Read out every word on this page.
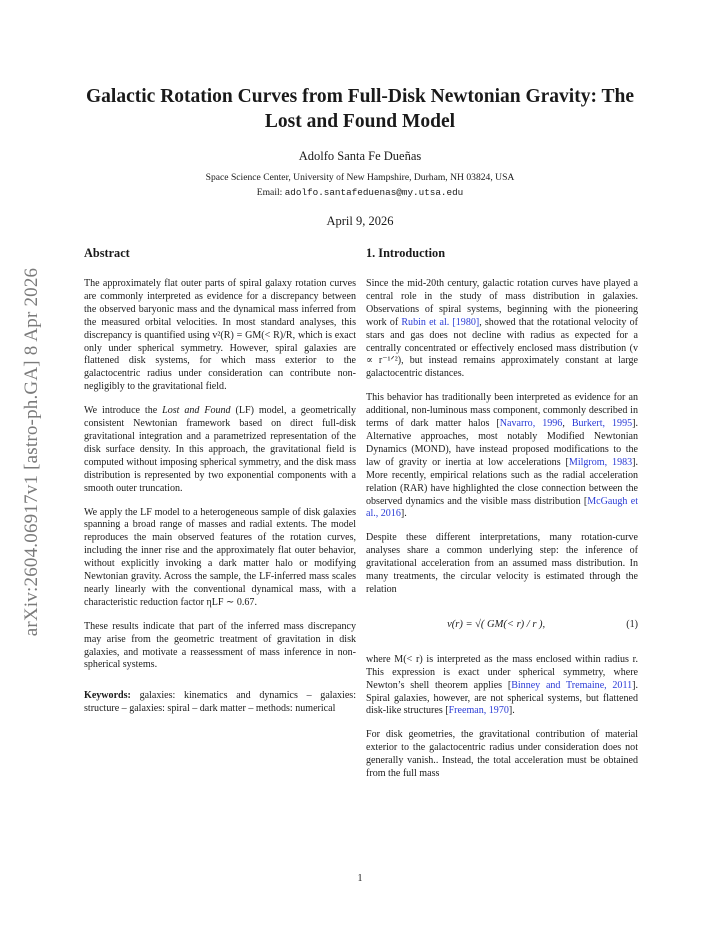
arXiv:2604.06917v1 [astro-ph.GA] 8 Apr 2026
Galactic Rotation Curves from Full-Disk Newtonian Gravity: The Lost and Found Model
Adolfo Santa Fe Dueñas
Space Science Center, University of New Hampshire, Durham, NH 03824, USA
Email: adolfo.santafeduenas@my.utsa.edu
April 9, 2026
Abstract

The approximately flat outer parts of spiral galaxy rotation curves are commonly interpreted as evidence for a discrepancy between the observed baryonic mass and the dynamical mass inferred from the measured orbital velocities. In most standard analyses, this discrepancy is quantified using v²(R) = GM(< R)/R, which is exact only under spherical symmetry. However, spiral galaxies are flattened disk systems, for which mass exterior to the galactocentric radius under consideration can contribute non-negligibly to the gravitational field.

We introduce the Lost and Found (LF) model, a geometrically consistent Newtonian framework based on direct full-disk gravitational integration and a parametrized representation of the disk surface density. In this approach, the gravitational field is computed without imposing spherical symmetry, and the disk mass distribution is represented by two exponential components with a smooth outer truncation.

We apply the LF model to a heterogeneous sample of disk galaxies spanning a broad range of masses and radial extents. The model reproduces the main observed features of the rotation curves, including the inner rise and the approximately flat outer behavior, without explicitly invoking a dark matter halo or modifying Newtonian gravity. Across the sample, the LF-inferred mass scales nearly linearly with the conventional dynamical mass, with a characteristic reduction factor ηLF ∼ 0.67.

These results indicate that part of the inferred mass discrepancy may arise from the geometric treatment of gravitation in disk galaxies, and motivate a reassessment of mass inference in non-spherical systems.

Keywords: galaxies: kinematics and dynamics – galaxies: structure – galaxies: spiral – dark matter – methods: numerical

1. Introduction

Since the mid-20th century, galactic rotation curves have played a central role in the study of mass distribution in galaxies. Observations of spiral systems, beginning with the pioneering work of Rubin et al. [1980], showed that the rotational velocity of stars and gas does not decline with radius as expected for a centrally concentrated or effectively enclosed mass distribution (v ∝ r⁻¹ᐟ²), but instead remains approximately constant at large galactocentric distances.

This behavior has traditionally been interpreted as evidence for an additional, non-luminous mass component, commonly described in terms of dark matter halos [Navarro, 1996, Burkert, 1995]. Alternative approaches, most notably Modified Newtonian Dynamics (MOND), have instead proposed modifications to the law of gravity or inertia at low accelerations [Milgrom, 1983]. More recently, empirical relations such as the radial acceleration relation (RAR) have highlighted the close connection between the observed dynamics and the visible mass distribution [McGaugh et al., 2016].

Despite these different interpretations, many rotation-curve analyses share a common underlying step: the inference of gravitational acceleration from an assumed mass distribution. In many treatments, the circular velocity is estimated through the relation

v(r) = √( GM(< r) / r ),	(1)

where M(< r) is interpreted as the mass enclosed within radius r. This expression is exact under spherical symmetry, where Newton’s shell theorem applies [Binney and Tremaine, 2011]. Spiral galaxies, however, are not spherical systems, but flattened disk-like structures [Freeman, 1970].

For disk geometries, the gravitational contribution of material exterior to the galactocentric radius under consideration does not generally vanish.. Instead, the total acceleration must be obtained from the full mass

1
